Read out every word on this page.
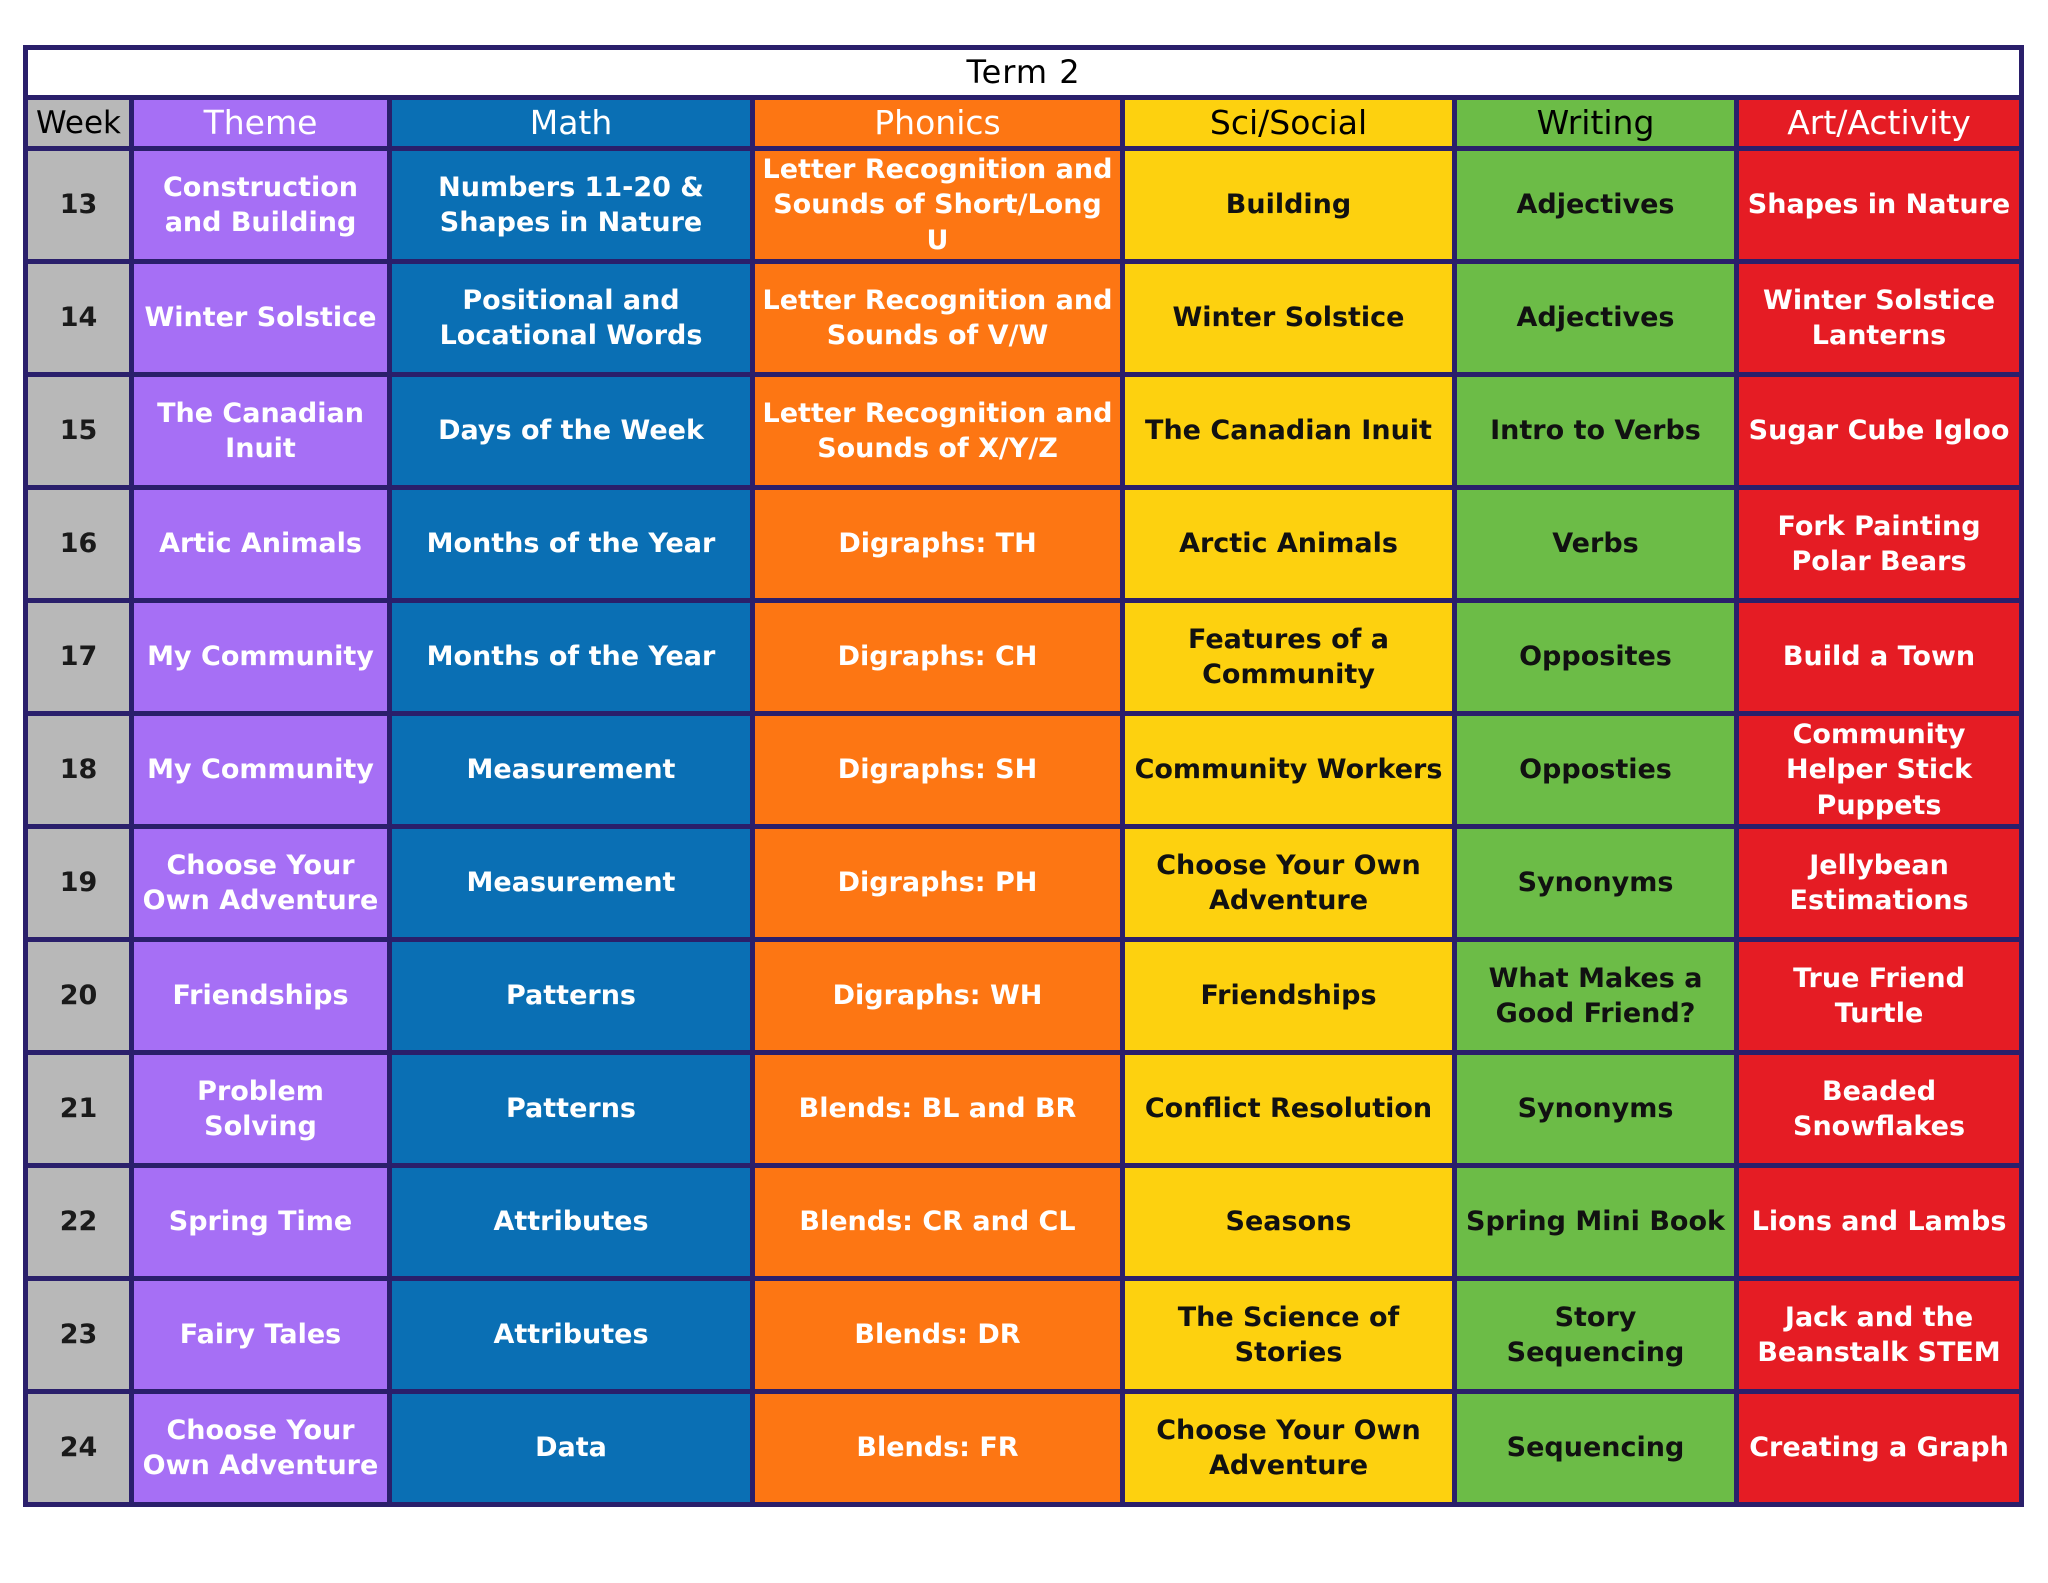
Term 2						
Week	Theme	Math	Phonics	Sci/Social	Writing	Art/Activity
13	Construction and Building	Numbers 11-20 & Shapes in Nature	Letter Recognition and Sounds of Short/Long U	Building	Adjectives	Shapes in Nature
14	Winter Solstice	Positional and Locational Words	Letter Recognition and Sounds of V/W	Winter Solstice	Adjectives	Winter Solstice Lanterns
15	The Canadian Inuit	Days of the Week	Letter Recognition and Sounds of X/Y/Z	The Canadian Inuit	Intro to Verbs	Sugar Cube Igloo
16	Artic Animals	Months of the Year	Digraphs: TH	Arctic Animals	Verbs	Fork Painting Polar Bears
17	My Community	Months of the Year	Digraphs: CH	Features of a Community	Opposites	Build a Town
18	My Community	Measurement	Digraphs: SH	Community Workers	Opposties	Community Helper Stick Puppets
19	Choose Your Own Adventure	Measurement	Digraphs: PH	Choose Your Own Adventure	Synonyms	Jellybean Estimations
20	Friendships	Patterns	Digraphs: WH	Friendships	What Makes a Good Friend?	True Friend Turtle
21	Problem Solving	Patterns	Blends: BL and BR	Conflict Resolution	Synonyms	Beaded Snowflakes
22	Spring Time	Attributes	Blends: CR and CL	Seasons	Spring Mini Book	Lions and Lambs
23	Fairy Tales	Attributes	Blends: DR	The Science of Stories	Story Sequencing	Jack and the Beanstalk STEM
24	Choose Your Own Adventure	Data	Blends: FR	Choose Your Own Adventure	Sequencing	Creating a Graph
